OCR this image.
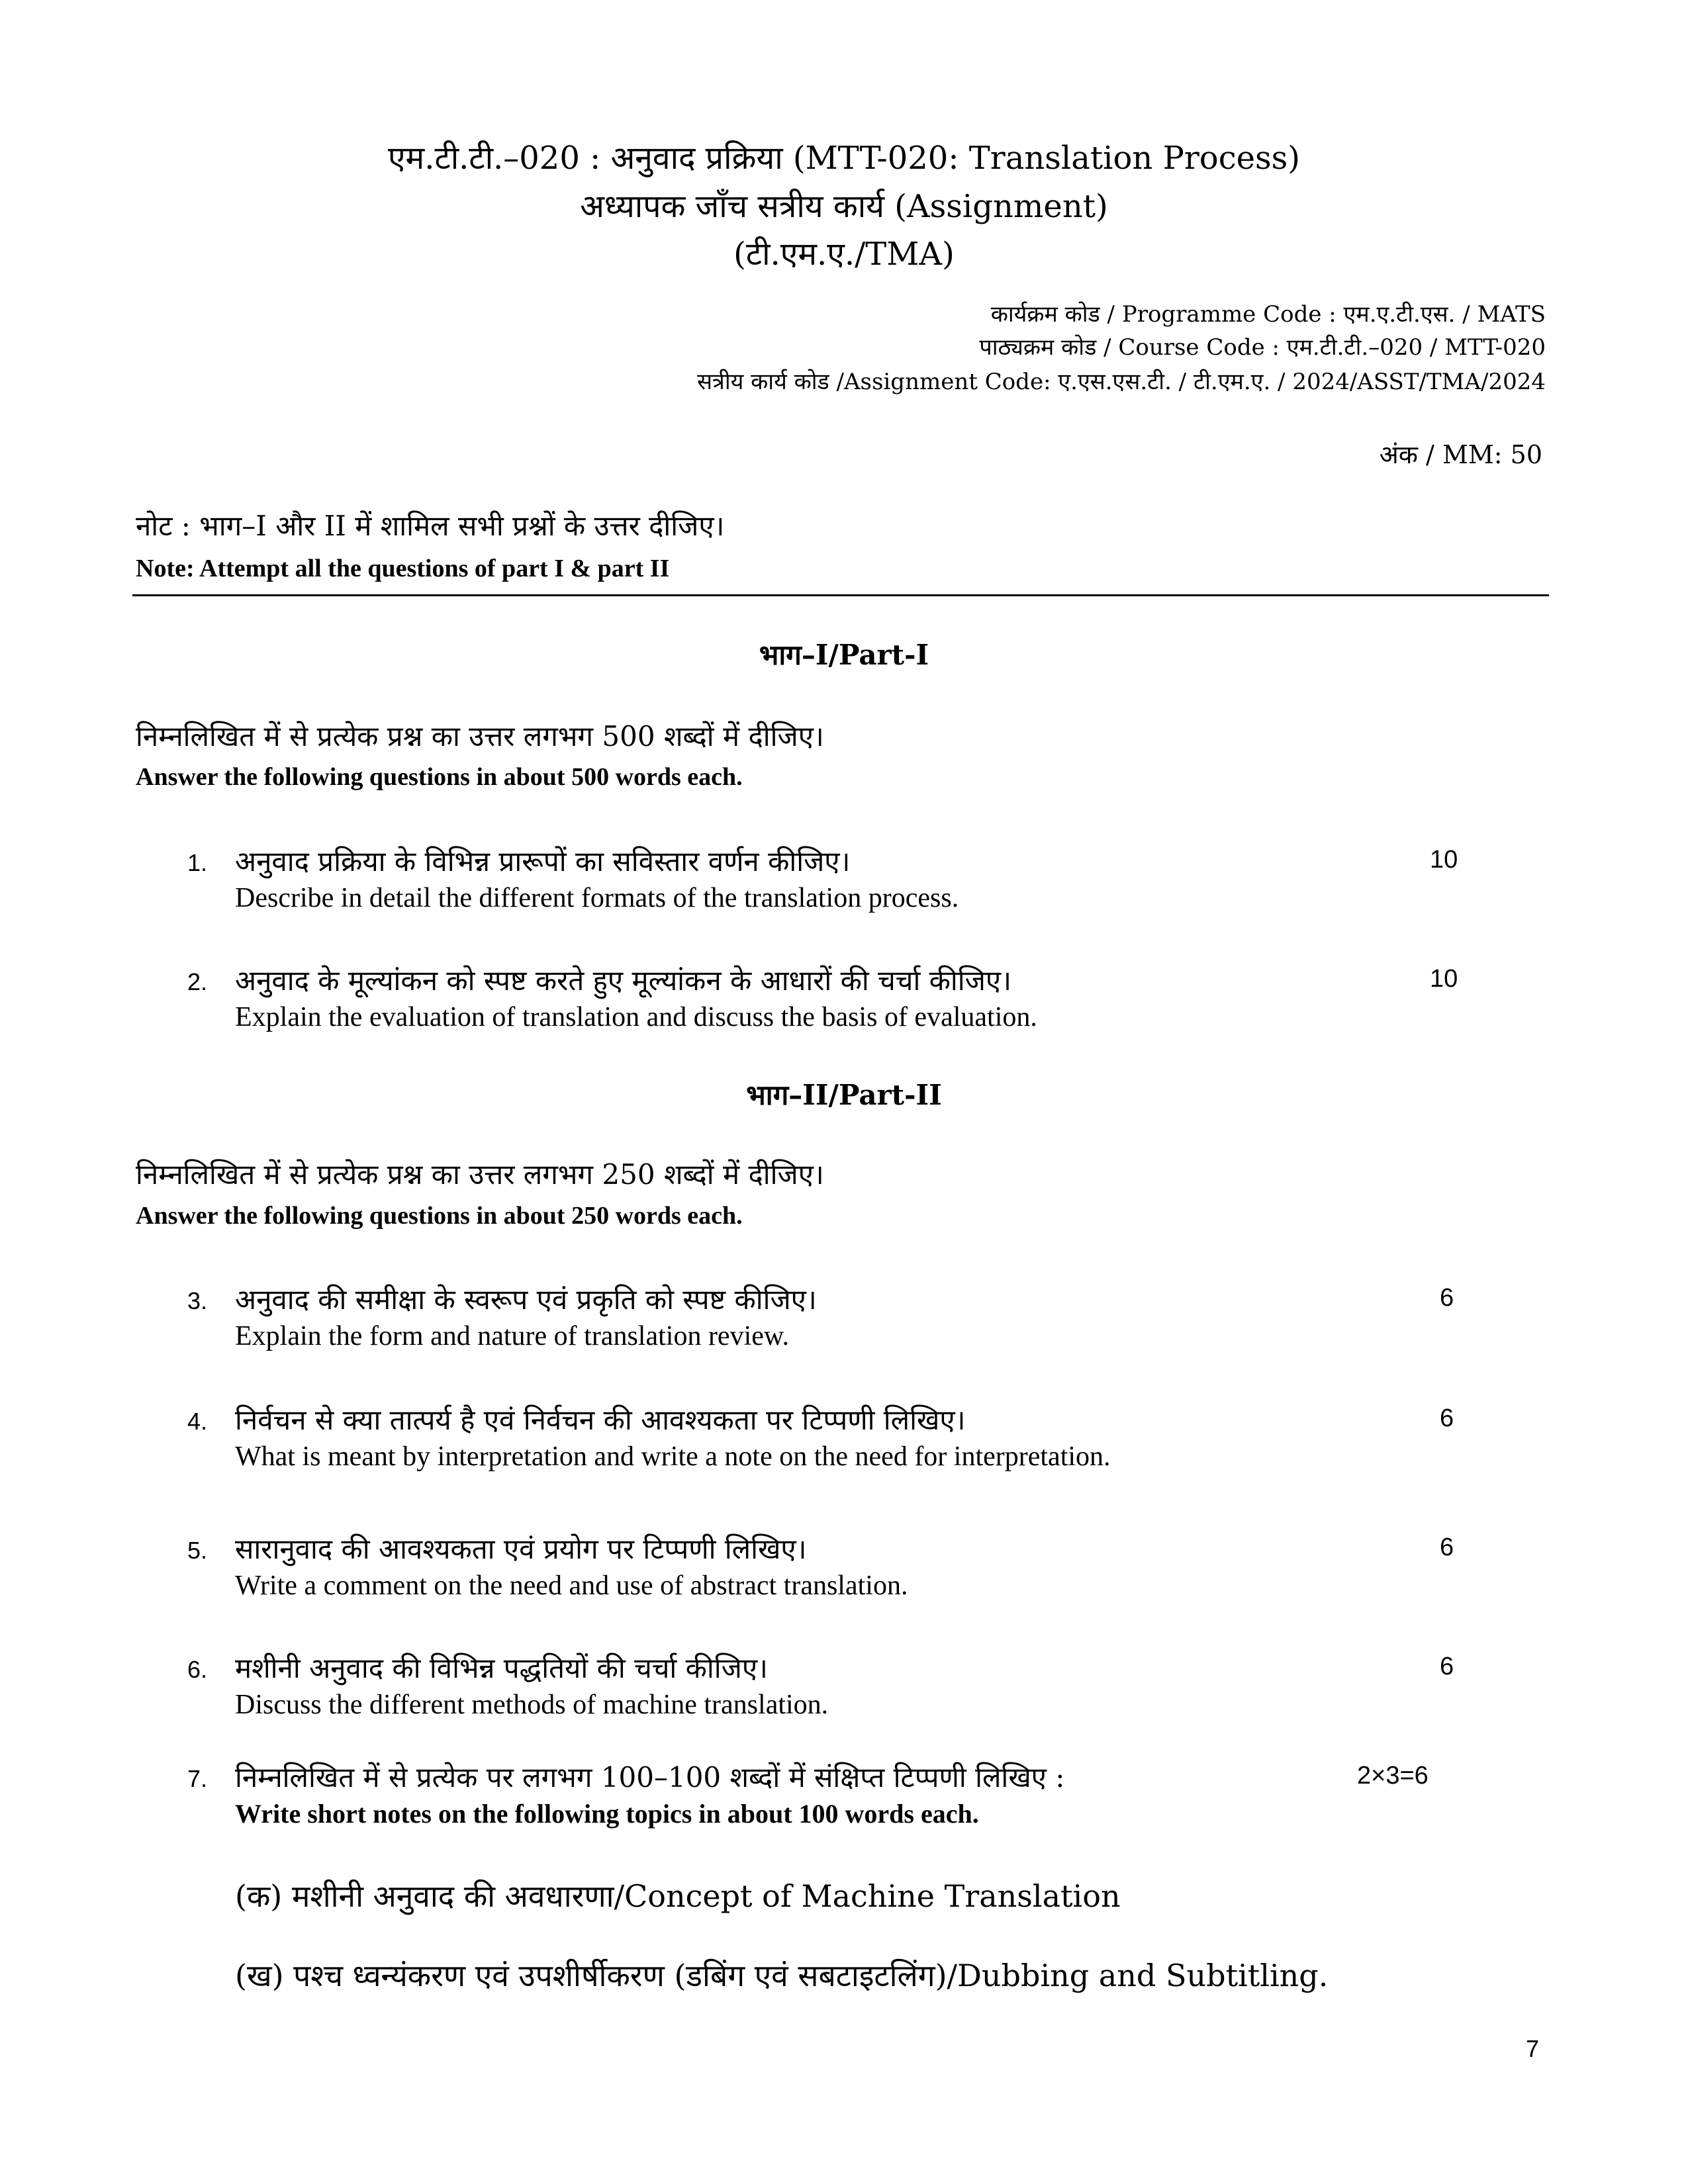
एम.टी.टी.–020 : अनुवाद प्रक्रिया (MTT-020: Translation Process)
अध्यापक जाँच सत्रीय कार्य (Assignment)
(टी.एम.ए./TMA)
कार्यक्रम कोड / Programme Code : एम.ए.टी.एस. / MATS
पाठ्यक्रम कोड / Course Code : एम.टी.टी.–020 / MTT-020
सत्रीय कार्य कोड /Assignment Code: ए.एस.एस.टी. / टी.एम.ए. / 2024/ASST/TMA/2024
अंक / MM: 50
नोट : भाग–I और II में शामिल सभी प्रश्नों के उत्तर दीजिए।
Note: Attempt all the questions of part I & part II
भाग–I/Part-I
निम्नलिखित में से प्रत्येक प्रश्न का उत्तर लगभग 500 शब्दों में दीजिए।
Answer the following questions in about 500 words each.
1. अनुवाद प्रक्रिया के विभिन्न प्रारूपों का सविस्तार वर्णन कीजिए।
Describe in detail the different formats of the translation process.
10
2. अनुवाद के मूल्यांकन को स्पष्ट करते हुए मूल्यांकन के आधारों की चर्चा कीजिए।
Explain the evaluation of translation and discuss the basis of evaluation.
10
भाग–II/Part-II
निम्नलिखित में से प्रत्येक प्रश्न का उत्तर लगभग 250 शब्दों में दीजिए।
Answer the following questions in about 250 words each.
3. अनुवाद की समीक्षा के स्वरूप एवं प्रकृति को स्पष्ट कीजिए।
Explain the form and nature of translation review.
6
4. निर्वचन से क्या तात्पर्य है एवं निर्वचन की आवश्यकता पर टिप्पणी लिखिए।
What is meant by interpretation and write a note on the need for interpretation.
6
5. सारानुवाद की आवश्यकता एवं प्रयोग पर टिप्पणी लिखिए।
Write a comment on the need and use of abstract translation.
6
6. मशीनी अनुवाद की विभिन्न पद्धतियों की चर्चा कीजिए।
Discuss the different methods of machine translation.
6
7. निम्नलिखित में से प्रत्येक पर लगभग 100–100 शब्दों में संक्षिप्त टिप्पणी लिखिए :
Write short notes on the following topics in about 100 words each.
2×3=6
(क) मशीनी अनुवाद की अवधारणा/Concept of Machine Translation
(ख) पश्च ध्वन्यंकरण एवं उपशीर्षीकरण (डबिंग एवं सबटाइटलिंग)/Dubbing and Subtitling.
7
